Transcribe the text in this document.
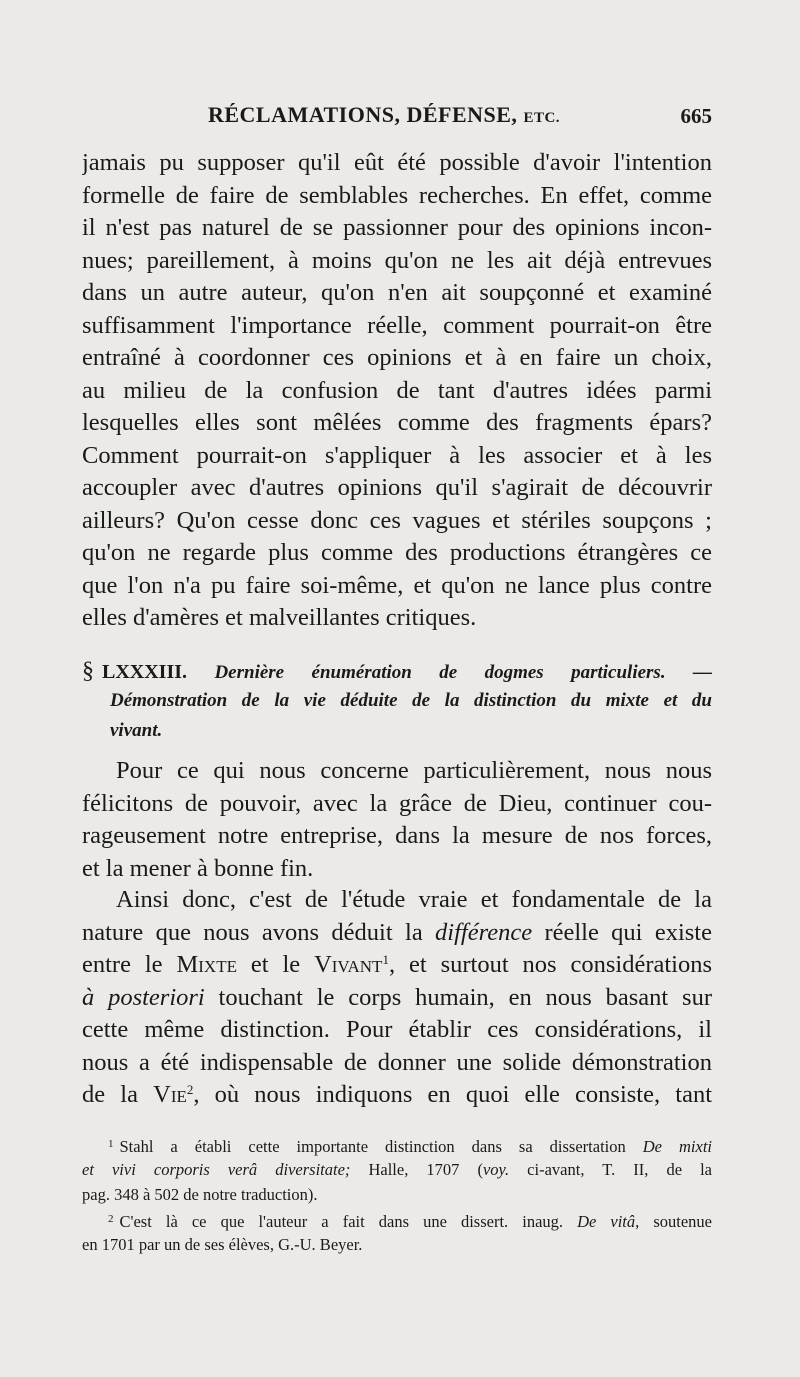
RÉCLAMATIONS, DÉFENSE, ETC.	665
jamais pu supposer qu'il eût été possible d'avoir l'intention
formelle de faire de semblables recherches. En effet, comme
il n'est pas naturel de se passionner pour des opinions incon-
nues; pareillement, à moins qu'on ne les ait déjà entrevues
dans un autre auteur, qu'on n'en ait soupçonné et examiné
suffisamment l'importance réelle, comment pourrait-on être
entraîné à coordonner ces opinions et à en faire un choix,
au milieu de la confusion de tant d'autres idées parmi
lesquelles elles sont mêlées comme des fragments épars?
Comment pourrait-on s'appliquer à les associer et à les
accoupler avec d'autres opinions qu'il s'agirait de découvrir
ailleurs? Qu'on cesse donc ces vagues et stériles soupçons ;
qu'on ne regarde plus comme des productions étrangères ce
que l'on n'a pu faire soi-même, et qu'on ne lance plus contre
elles d'amères et malveillantes critiques.
§ LXXXIII. Dernière énumération de dogmes particuliers. —
Démonstration de la vie déduite de la distinction du mixte et du
vivant.
Pour ce qui nous concerne particulièrement, nous nous
félicitons de pouvoir, avec la grâce de Dieu, continuer cou-
rageusement notre entreprise, dans la mesure de nos forces,
et la mener à bonne fin.
Ainsi donc, c'est de l'étude vraie et fondamentale de la
nature que nous avons déduit la différence réelle qui existe
entre le Mixte et le Vivant$^1$, et surtout nos considérations
à posteriori touchant le corps humain, en nous basant sur
cette même distinction. Pour établir ces considérations, il
nous a été indispensable de donner une solide démonstration
de la Vie$^2$, où nous indiquons en quoi elle consiste, tant
$^1$ Stahl a établi cette importante distinction dans sa dissertation De mixti
et vivi corporis verâ diversitate; Halle, 1707 (voy. ci-avant, T. II, de la
pag. 348 à 502 de notre traduction).
$^2$ C'est là ce que l'auteur a fait dans une dissert. inaug. De vitâ, soutenue
en 1701 par un de ses élèves, G.-U. Beyer.
